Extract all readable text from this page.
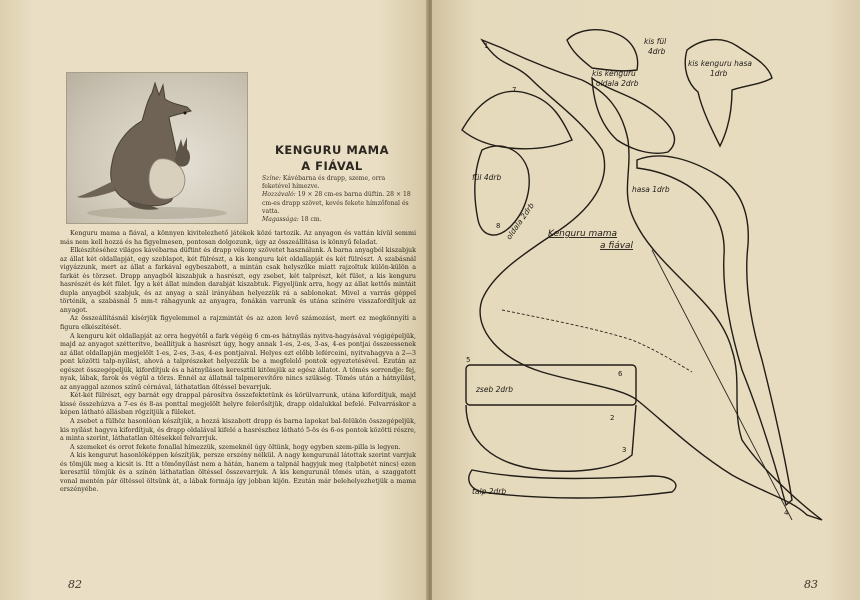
KENGURU MAMA
A FIÁVAL
Színe: Kávébarna és drapp, szeme, orra feketével hímezve.
Hozzávaló: 19 × 28 cm-es barna düftin. 28 × 18 cm-es drapp szövet, kevés fekete hímzőfonal és vatta.
Magassága: 18 cm.

Kenguru mama a fiával, a könnyen kivitelezhető játékok közé tartozik. Az anyagon és vattán kívül semmi más nem kell hozzá és ha figyelmesen, pontosan dolgozunk, úgy az összeállítása is könnyű feladat.

Elkészítéséhez világos kávébarna düftint és drapp vékony szövetet használunk. A barna anyagból kiszabjuk az állat két oldallapját, egy szeblapot, két fülrészt, a kis kenguru két oldallapját és két fülrészt. A szabásnál vigyázzunk, mert az állat a farkával egybeszabott, a mintán csak helyszűke miatt rajzoltuk külön-külön a farkát és törzset. Drapp anyagból kiszabjuk a hasrészt, egy zsebet, két talprészt, két fület, a kis kenguru hasrészét és két fület. Így a két állat minden darabját kiszabtuk. Figyeljünk arra, hogy az állat kettős mintáit dupla anyagból szabjuk, és az anyag a szál irányában helyezzük rá a sablonokat. Mivel a varrás géppel történik, a szabásnál 5 mm-t ráhagyunk az anyagra, fonákán varrunk és utána színére visszafordítjuk az anyagot.

Az összeállításnál kísérjük figyelemmel a rajzmintát és az azon levő számozást, mert ez megkönnyíti a figura elkészítését.

A kenguru két oldallapját az orra hegyétől a fark végéig 6 cm-es hátnyílás nyitva-hagyásával végigépeljük, majd az anyagot szétterítve, beállítjuk a hasrészt úgy, hogy annak 1-es, 2-es, 3-as, 4-es pontjai összeessenek az állat oldallapján megjelölt 1-es, 2-es, 3-as, 4-es pontjaival. Helyes ezt előbb leférceini, nyitvahagyva a 2—3 pont közötti talp-nyílást, ahová a talprészeket helyezzük be a megfelelő pontok egyeztetésével. Ezután az egészet összegépeljük, kifordítjuk és a hátnyíláson keresztül kitömjük az egész állatot. A tömés sorrendje: fej, nyak, lábak, farok és végül a törzs. Ennél az állatnál talpmerevítőre nincs szükség. Tömés után a hátnyílást, az anyaggal azonos színű cérnával, láthatatlan öltéssel bevarrjuk.

Két-két fülrészt, egy barnát egy drappal párosítva összefektetünk és körülvarrunk, utána kifordítjuk, majd kissé összehúzva a 7-es és 8-as ponttal megjelölt helyre felerősítjük, drapp oldalukkal befelé. Felvarráskor a képen látható állásban rögzítjük a füleket.

A zsebet a fülhöz hasonlóan készítjük, a hozzá kiszabott drapp és barna lapokat bal-felükön összegépeljük, kis nyílást hagyva kifordítjuk, és drapp oldalával kifelé a hasrészhez látható 5-ös és 6-os pontok közötti részre, a minta szerint, láthatatlan öltésekkel felvarrjuk.

A szemeket és orrot fekete fonallal hímezzük, szemeknél úgy öltünk, hogy egyben szem-pilla is legyen.

A kis kengurut hasonlóképpen készítjük, persze erszény nélkül. A nagy kengurunál látottak szerint varrjuk és tömjük meg a kicsit is. Itt a tömőnyílást nem a hátán, hanem a talpnál hagyjuk meg (talpbetét nincs) ezen keresztül tömjük és a színén láthatatlan öltéssel összevarrjuk. A kis kengurunál tömés után, a szaggatott vonal mentén pár öltéssel öltsünk át, a lábak formája így jobban kijön. Ezután már belehelyezhetjük a mama erszényébe.

82
kis fül
4drb
kis kenguru
oldala 2drb
kis kenguru hasa
1drb
fül 4drb
oldala 2drb
hasa 1drb
zseb 2drb
talp 2drb
Kenguru mama
a fiával
1
2
3
4
5
6
7
8
83
